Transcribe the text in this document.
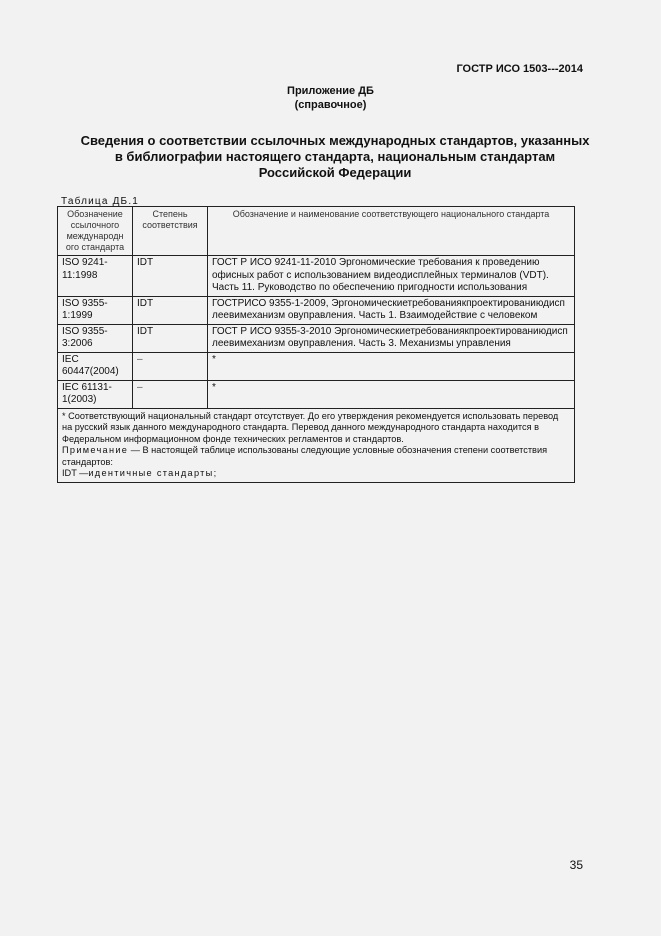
ГОСТР ИСО 1503---2014
Приложение ДБ
(справочное)
Сведения о соответствии ссылочных международных стандартов, указанных
в библиографии настоящего стандарта, национальным стандартам
Российской Федерации
Таблица ДБ.1
Обозначение ссылочного международн ого стандарта	Степень соответствия	Обозначение и наименование соответствующего национального стандарта
ISO 9241-11:1998	IDT	ГОСТ Р ИСО 9241-11-2010 Эргономические требования к проведению офисных работ с использованием видеодисплейных терминалов (VDT). Часть 11. Руководство по обеспечению пригодности использования
ISO 9355-1:1999	IDT	ГОСТРИСО 9355-1-2009, Эргономическиетребованиякпроектированиюдисплеевимеханизм овуправления. Часть 1. Взаимодействие с человеком
ISO 9355-3:2006	IDT	ГОСТ Р ИСО 9355-3-2010 Эргономическиетребованиякпроектированиюдисплеевимеханизм овуправления. Часть 3. Механизмы управления
IEC 60447(2004)	–	*
IEC 61131-1(2003)	–	*

* Соответствующий национальный стандарт отсутствует. До его утверждения рекомендуется использовать перевод на русский язык данного международного стандарта. Перевод данного международного стандарта находится в Федеральном информационном фонде технических регламентов и стандартов.
Примечание — В настоящей таблице использованы следующие условные обозначения степени соответствия стандартов:
IDT —идентичные стандарты;		
35
